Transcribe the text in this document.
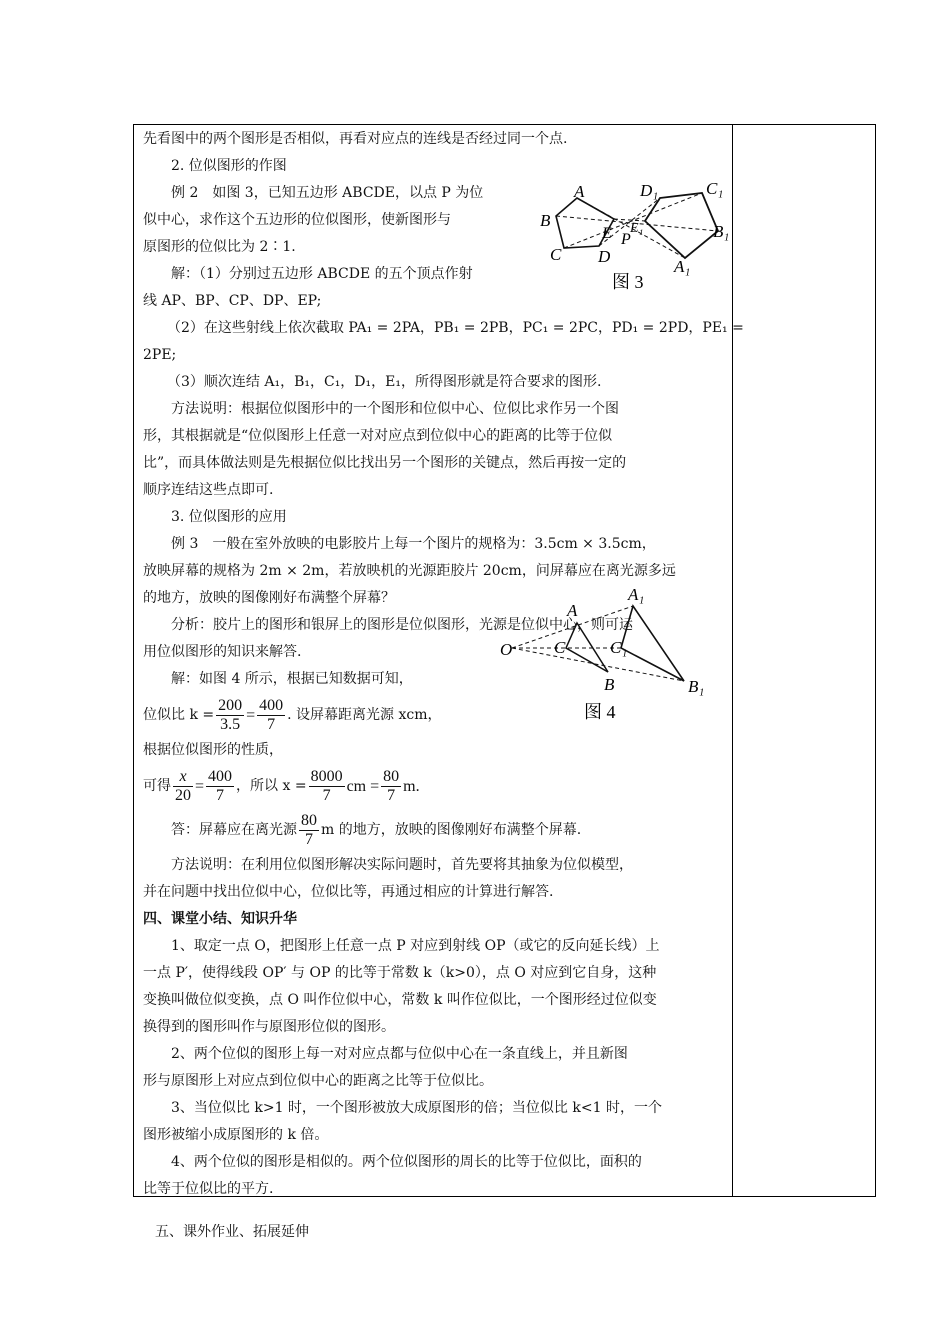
先看图中的两个图形是否相似，再看对应点的连线是否经过同一个点.
2. 位似图形的作图
例 2　如图 3，已知五边形 ABCDE，以点 P 为位
似中心，求作这个五边形的位似图形，使新图形与
原图形的位似比为 2∶1.
解：（1）分别过五边形 ABCDE 的五个顶点作射
线 AP、BP、CP、DP、EP;
（2）在这些射线上依次截取 PA₁ = 2PA，PB₁ = 2PB，PC₁ = 2PC，PD₁ = 2PD，PE₁ =
2PE;
（3）顺次连结 A₁，B₁，C₁，D₁，E₁，所得图形就是符合要求的图形.
方法说明：根据位似图形中的一个图形和位似中心、位似比求作另一个图
形，其根据就是“位似图形上任意一对对应点到位似中心的距离的比等于位似
比”，而具体做法则是先根据位似比找出另一个图形的关键点，然后再按一定的
顺序连结这些点即可.
3. 位似图形的应用
例 3　一般在室外放映的电影胶片上每一个图片的规格为：3.5cm × 3.5cm，
放映屏幕的规格为 2m × 2m，若放映机的光源距胶片 20cm，问屏幕应在离光源多远
的地方，放映的图像刚好布满整个屏幕？
分析：胶片上的图形和银屏上的图形是位似图形，光源是位似中心，则可运
用位似图形的知识来解答.
解：如图 4 所示，根据已知数据可知，
位似比 $k = \frac{200}{3.5} = \frac{400}{7}$ . 设屏幕距离光源 xcm，
根据位似图形的性质，
可得 $\frac{x}{20} = \frac{400}{7}$ ，所以 $x = \frac{8000}{7}$ cm = $\frac{80}{7} m$.
答：屏幕应在离光源 $\frac{80}{7}$ m 的地方，放映的图像刚好布满整个屏幕.
方法说明：在利用位似图形解决实际问题时，首先要将其抽象为位似模型，
并在问题中找出位似中心，位似比等，再通过相应的计算进行解答.
四、课堂小结、知识升华
1、取定一点 O，把图形上任意一点 P 对应到射线 OP（或它的反向延长线）上
一点 P′，使得线段 OP′ 与 OP 的比等于常数 k（k>0），点 O 对应到它自身，这种
变换叫做位似变换，点 O 叫作位似中心，常数 k 叫作位似比，一个图形经过位似变
换得到的图形叫作与原图形位似的图形。
2、两个位似的图形上每一对对应点都与位似中心在一条直线上，并且新图
形与原图形上对应点到位似中心的距离之比等于位似比。
3、当位似比 k>1 时，一个图形被放大成原图形的倍；当位似比 k<1 时，一个
图形被缩小成原图形的 k 倍。
4、两个位似的图形是相似的。两个位似图形的周长的比等于位似比，面积的
比等于位似比的平方.
五、课外作业、拓展延伸
A
B
C D
E P
E₁
D₁	C₁
B₁
A₁
图 3
O
A
B
C
A₁
B₁
C₁
图 4
